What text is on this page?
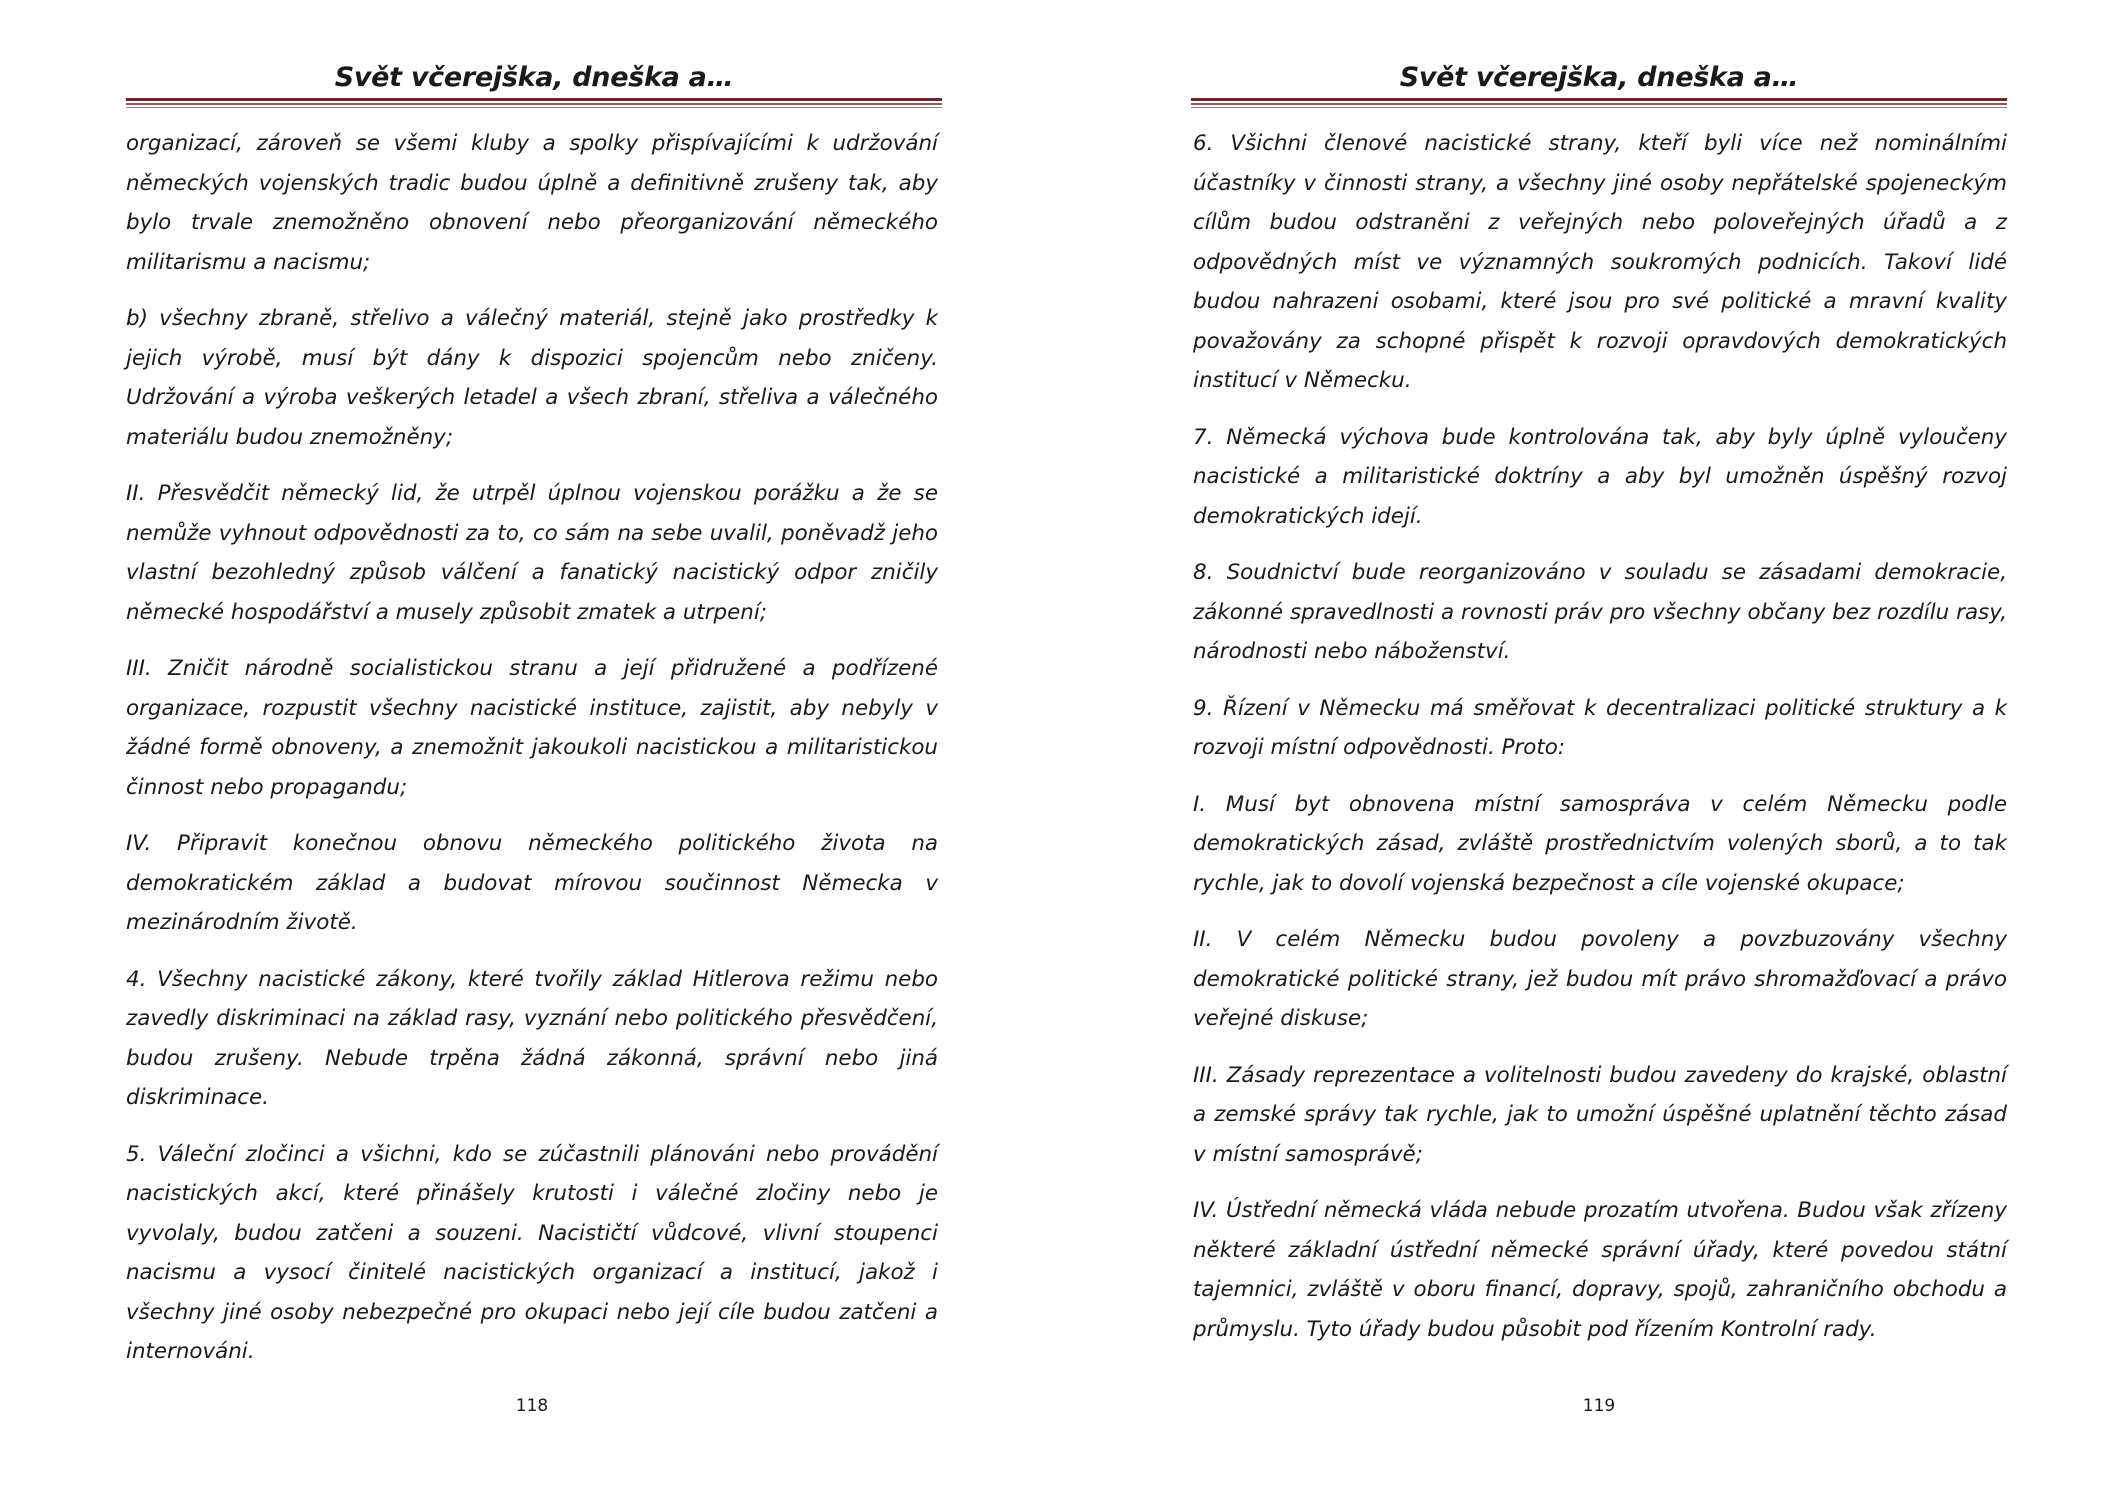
Svět včerejška, dneška a…

organizací, zároveň se všemi kluby a spolky přispívajícími k udržování německých vojenských tradic budou úplně a definitivně zrušeny tak, aby bylo trvale znemožněno obnovení nebo přeorganizování německého militarismu a nacismu;

b) všechny zbraně, střelivo a válečný materiál, stejně jako prostředky k jejich výrobě, musí být dány k dispozici spojencům nebo zničeny. Udržování a výroba veškerých letadel a všech zbraní, střeliva a válečného materiálu budou znemožněny;

II. Přesvědčit německý lid, že utrpěl úplnou vojenskou porážku a že se nemůže vyhnout odpovědnosti za to, co sám na sebe uvalil, poněvadž jeho vlastní bezohledný způsob válčení a fanatický nacistický odpor zničily německé hospodářství a musely způsobit zmatek a utrpení;

III. Zničit národně socialistickou stranu a její přidružené a podřízené organizace, rozpustit všechny nacistické instituce, zajistit, aby nebyly v žádné formě obnoveny, a znemožnit jakoukoli nacistickou a militaristickou činnost nebo propagandu;

IV. Připravit konečnou obnovu německého politického života na demokratickém základ a budovat mírovou součinnost Německa v mezinárodním životě.

4. Všechny nacistické zákony, které tvořily základ Hitlerova režimu nebo zavedly diskriminaci na základ rasy, vyznání nebo politického přesvědčení, budou zrušeny. Nebude trpěna žádná zákonná, správní nebo jiná diskriminace.

5. Váleční zločinci a všichni, kdo se zúčastnili plánováni nebo provádění nacistických akcí, které přinášely krutosti i válečné zločiny nebo je vyvolaly, budou zatčeni a souzeni. Nacističtí vůdcové, vlivní stoupenci nacismu a vysocí činitelé nacistických organizací a institucí, jakož i všechny jiné osoby nebezpečné pro okupaci nebo její cíle budou zatčeni a internováni.

118
Svět včerejška, dneška a…
119

6. Všichni členové nacistické strany, kteří byli více než nominálními účastníky v činnosti strany, a všechny jiné osoby nepřátelské spojeneckým cílům budou odstraněni z veřejných nebo poloveřejných úřadů a z odpovědných míst ve významných soukromých podnicích. Takoví lidé budou nahrazeni osobami, které jsou pro své politické a mravní kvality považovány za schopné přispět k rozvoji opravdových demokratických institucí v Německu.

7. Německá výchova bude kontrolována tak, aby byly úplně vyloučeny nacistické a militaristické doktríny a aby byl umožněn úspěšný rozvoj demokratických idejí.

8. Soudnictví bude reorganizováno v souladu se zásadami demokracie, zákonné spravedlnosti a rovnosti práv pro všechny občany bez rozdílu rasy, národnosti nebo náboženství.

9. Řízení v Německu má směřovat k decentralizaci politické struktury a k rozvoji místní odpovědnosti. Proto:

I. Musí byt obnovena místní samospráva v celém Německu podle demokratických zásad, zvláště prostřednictvím volených sborů, a to tak rychle, jak to dovolí vojenská bezpečnost a cíle vojenské okupace;

II. V celém Německu budou povoleny a povzbuzovány všechny demokratické politické strany, jež budou mít právo shromažďovací a právo veřejné diskuse;

III. Zásady reprezentace a volitelnosti budou zavedeny do krajské, oblastní a zemské správy tak rychle, jak to umožní úspěšné uplatnění těchto zásad v místní samosprávě;

IV. Ústřední německá vláda nebude prozatím utvořena. Budou však zřízeny některé základní ústřední německé správní úřady, které povedou státní tajemnici, zvláště v oboru financí, dopravy, spojů, zahraničního obchodu a průmyslu. Tyto úřady budou působit pod řízením Kontrolní rady.
